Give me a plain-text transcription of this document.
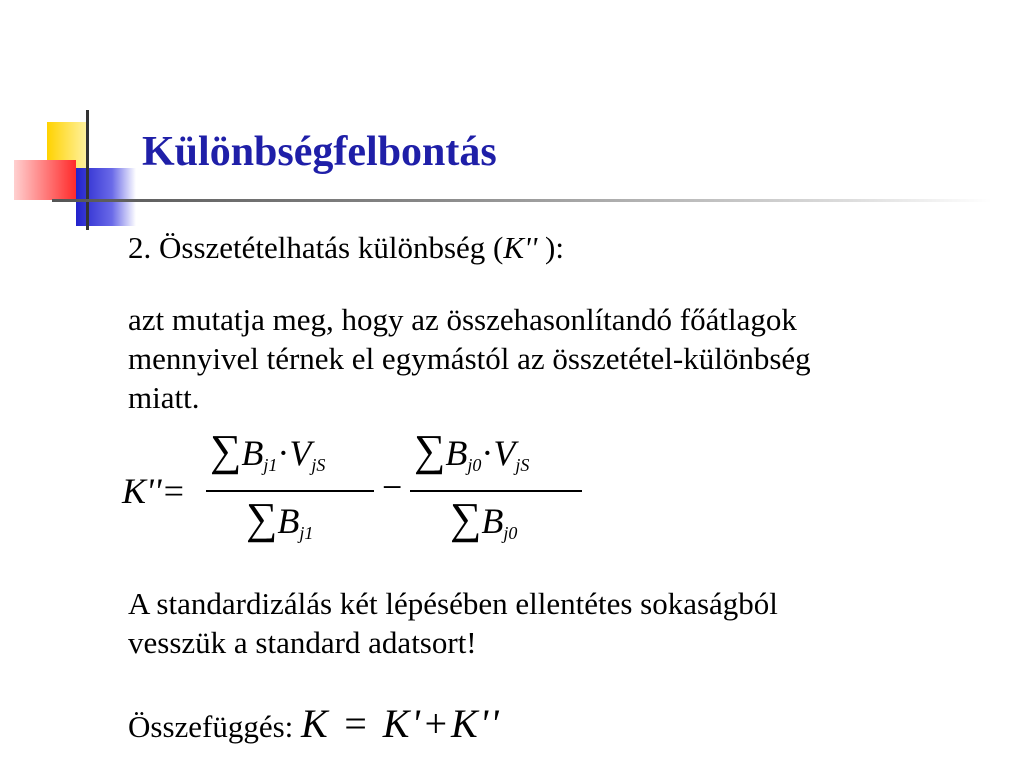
Különbségfelbontás
2. Összetételhatás különbség (K'' ):
azt mutatja meg, hogy az összehasonlítandó főátlagok
mennyivel térnek el egymástól az összetétel-különbség
miatt.
K''=
$\sum B_{j1}\cdot V_{jS}$
$\sum B_{j1}$
−
$\sum B_{j0}\cdot V_{jS}$
$\sum B_{j0}$
A standardizálás két lépésében ellentétes sokaságból
vesszük a standard adatsort!
Összefüggés: K = K'+K''
